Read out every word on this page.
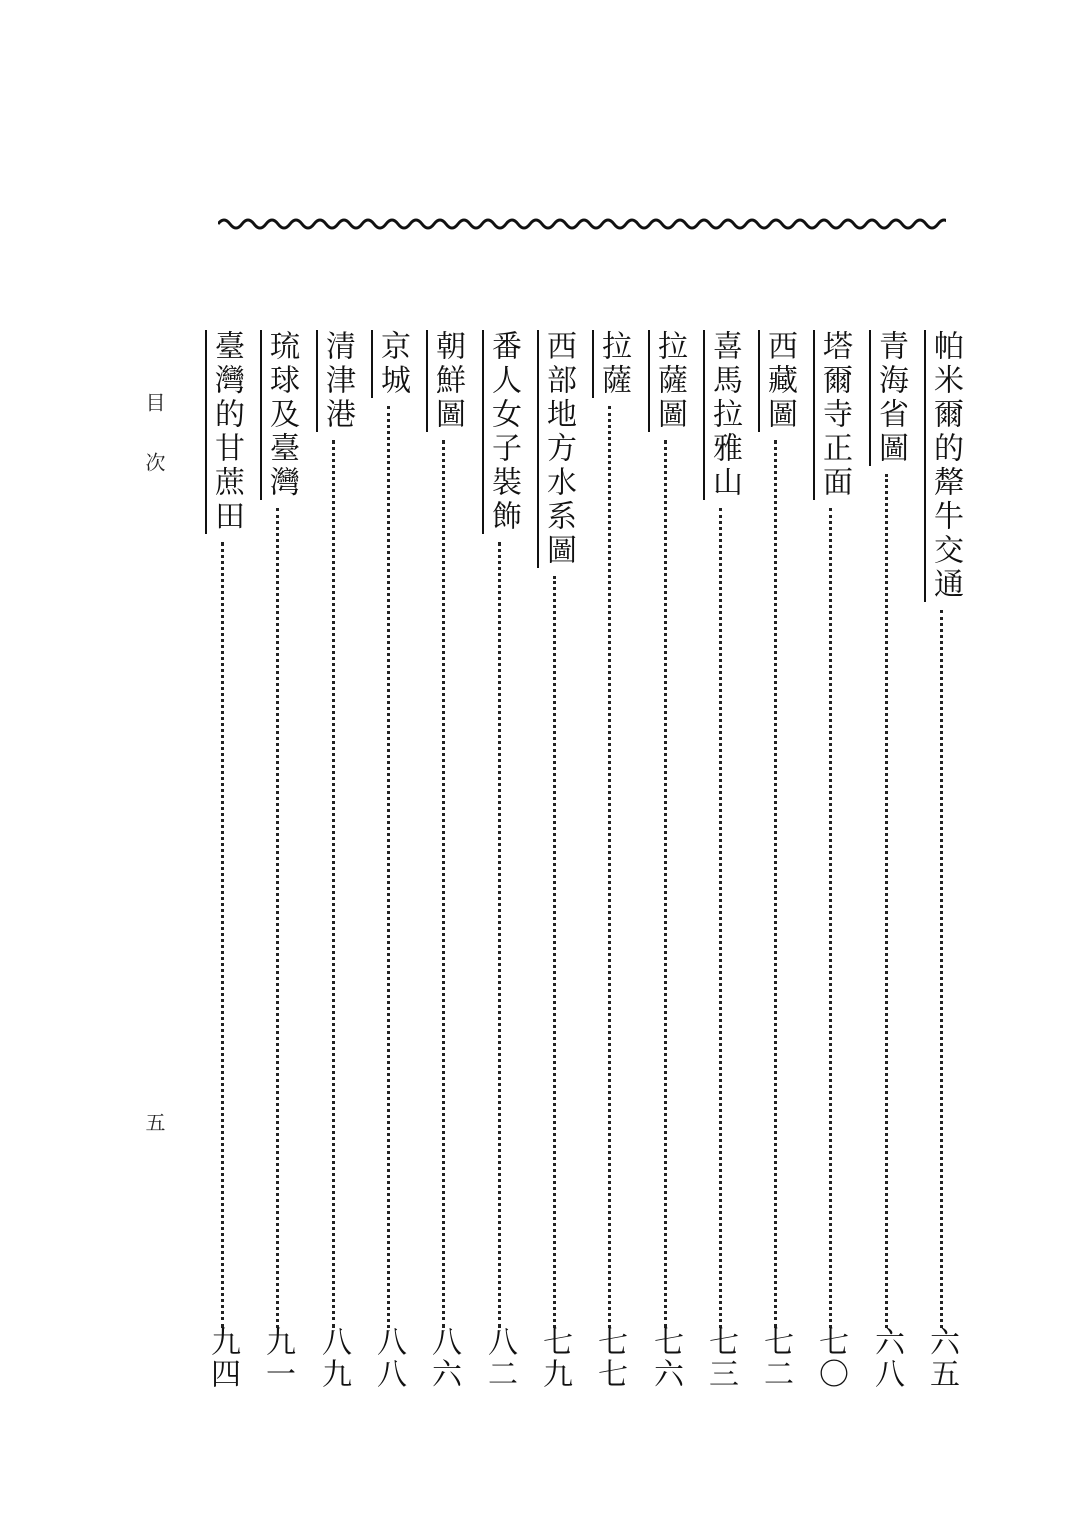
帕米爾的犛牛交通
六五
青海省圖
六八
塔爾寺正面
七〇
西藏圖
七二
喜馬拉雅山
七三
拉薩圖
七六
拉薩
七七
西部地方水系圖
七九
番人女子裝飾
八二
朝鮮圖
八六
京城
八八
清津港
八九
琉球及臺灣
九一
臺灣的甘蔗田
九四
目次
五
